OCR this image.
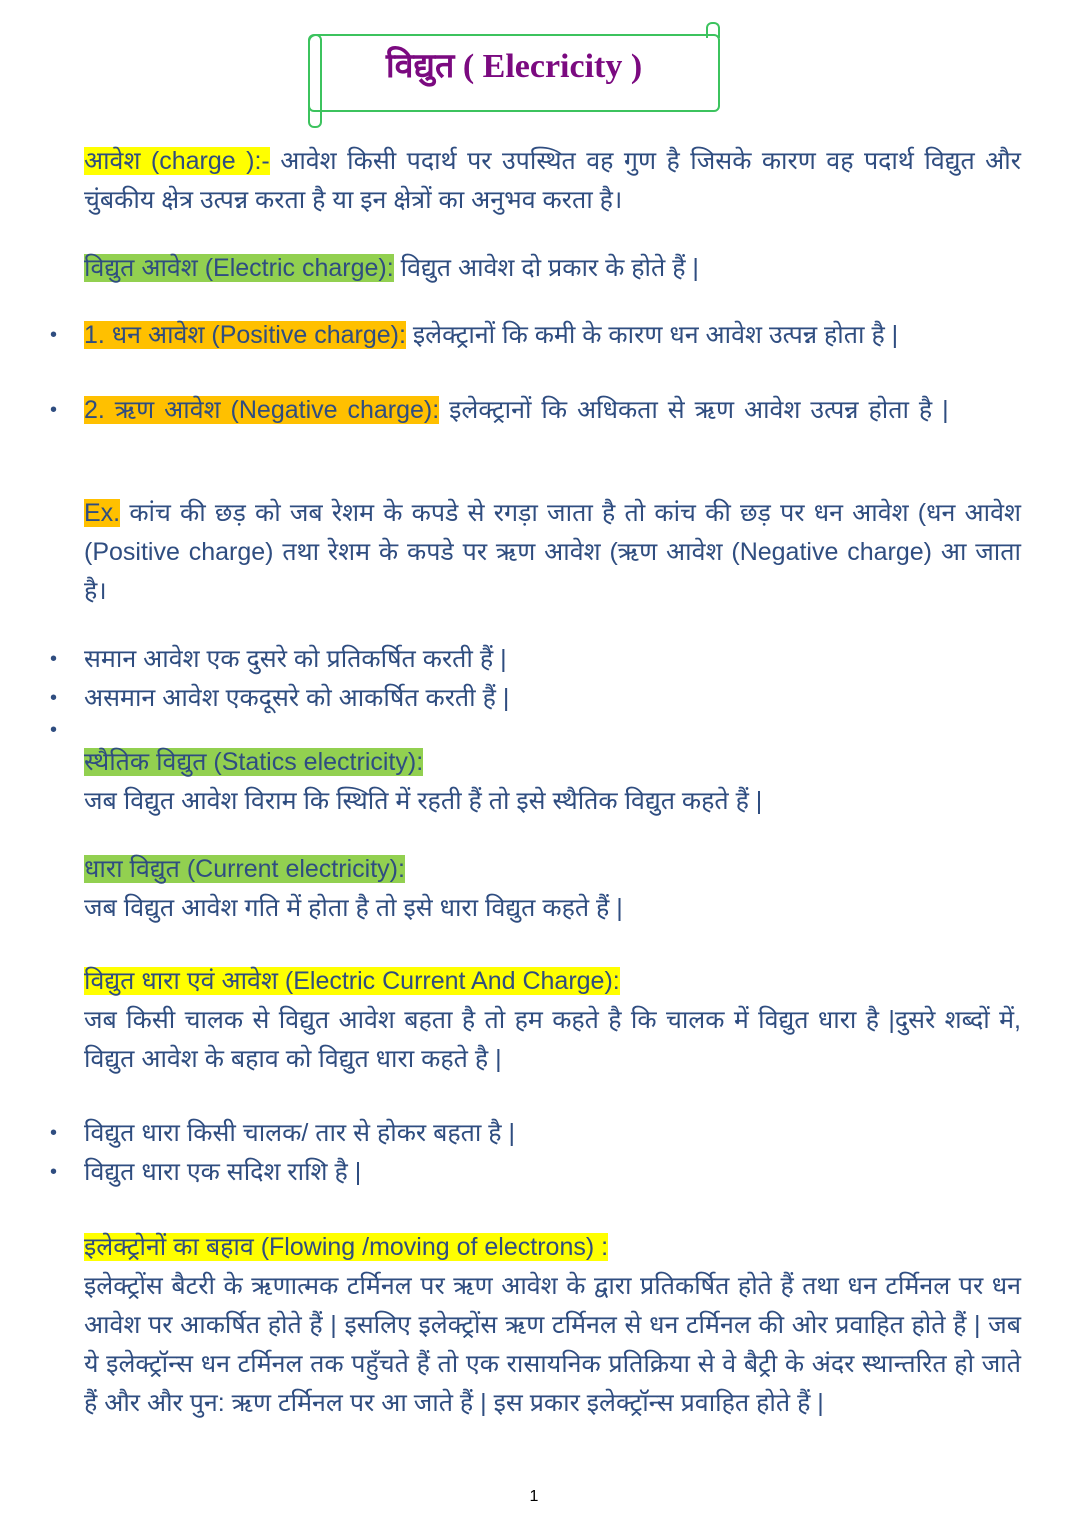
विद्युत ( Elecricity )
आवेश (charge ):- आवेश किसी पदार्थ पर उपस्थित वह गुण है जिसके कारण वह पदार्थ विद्युत और चुंबकीय क्षेत्र उत्पन्न करता है या इन क्षेत्रों का अनुभव करता है।
विद्युत आवेश (Electric charge): विद्युत आवेश दो प्रकार के होते हैं |
• 1. धन आवेश (Positive charge): इलेक्ट्रानों कि कमी के कारण धन आवेश उत्पन्न होता है |
• 2. ऋण आवेश (Negative charge): इलेक्ट्रानों कि अधिकता से ऋण आवेश उत्पन्न होता है |
Ex. कांच की छड़ को जब रेशम के कपडे से रगड़ा जाता है तो कांच की छड़ पर धन आवेश (धन आवेश (Positive charge) तथा रेशम के कपडे पर ऋण आवेश (ऋण आवेश (Negative charge) आ जाता है।
• समान आवेश एक दुसरे को प्रतिकर्षित करती हैं |
• असमान आवेश एकदूसरे को आकर्षित करती हैं |
•
स्थैतिक विद्युत (Statics electricity):
जब विद्युत आवेश विराम कि स्थिति में रहती हैं तो इसे स्थैतिक विद्युत कहते हैं |
धारा विद्युत (Current electricity):
जब विद्युत आवेश गति में होता है तो इसे धारा विद्युत कहते हैं |
विद्युत धारा एवं आवेश (Electric Current And Charge):
जब किसी चालक से विद्युत आवेश बहता है तो हम कहते है कि चालक में विद्युत धारा है |दुसरे शब्दों में, विद्युत आवेश के बहाव को विद्युत धारा कहते है |
• विद्युत धारा किसी चालक/ तार से होकर बहता है |
• विद्युत धारा एक सदिश राशि है |
इलेक्ट्रोनों का बहाव (Flowing /moving of electrons) :
इलेक्ट्रोंस बैटरी के ऋणात्मक टर्मिनल पर ऋण आवेश के द्वारा प्रतिकर्षित होते हैं तथा धन टर्मिनल पर धन आवेश पर आकर्षित होते हैं | इसलिए इलेक्ट्रोंस ऋण टर्मिनल से धन टर्मिनल की ओर प्रवाहित होते हैं | जब ये इलेक्ट्रॉन्स धन टर्मिनल तक पहुँचते हैं तो एक रासायनिक प्रतिक्रिया से वे बैट्री के अंदर स्थान्तरित हो जाते हैं और और पुन: ऋण टर्मिनल पर आ जाते हैं | इस प्रकार इलेक्ट्रॉन्स प्रवाहित होते हैं |
1
